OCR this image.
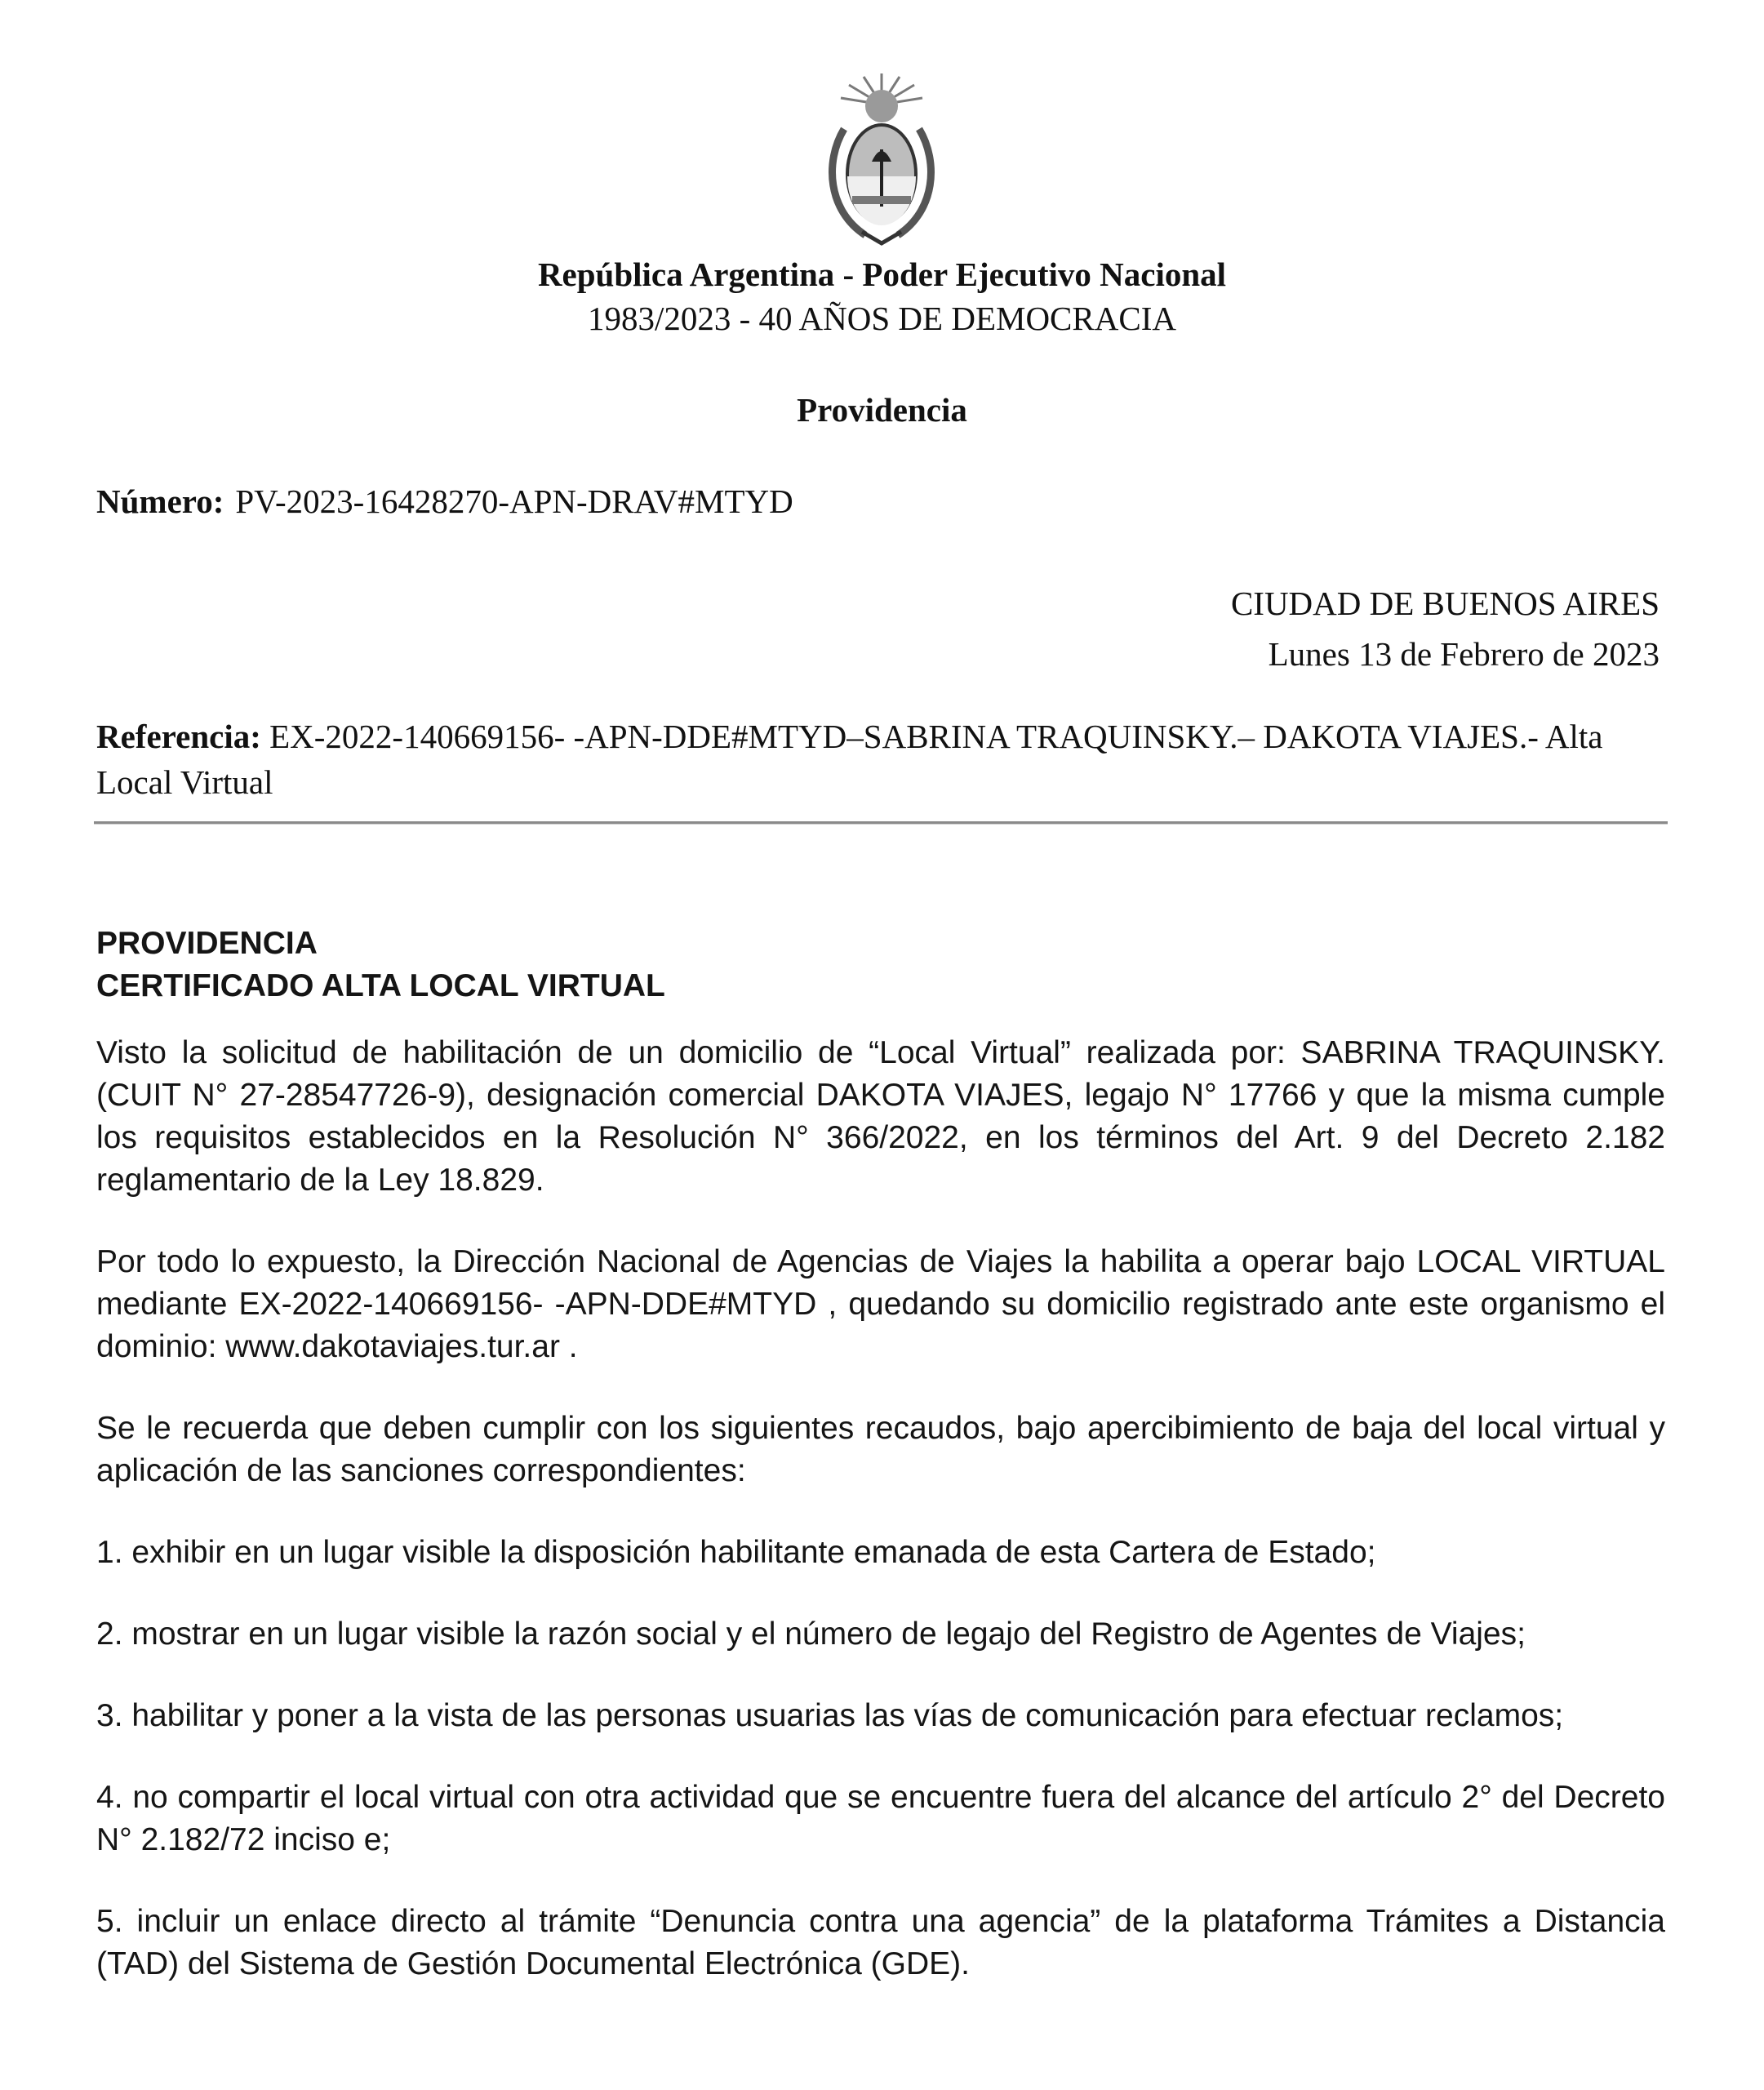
República Argentina - Poder Ejecutivo Nacional
1983/2023 - 40 AÑOS DE DEMOCRACIA
Providencia
Número: PV-2023-16428270-APN-DRAV#MTYD
CIUDAD DE BUENOS AIRES
Lunes 13 de Febrero de 2023
Referencia: EX-2022-140669156- -APN-DDE#MTYD–SABRINA TRAQUINSKY.– DAKOTA VIAJES.- Alta Local Virtual
PROVIDENCIA
CERTIFICADO ALTA LOCAL VIRTUAL

Visto la solicitud de habilitación de un domicilio de “Local Virtual” realizada por: SABRINA TRAQUINSKY. (CUIT N° 27-28547726-9), designación comercial DAKOTA VIAJES, legajo N° 17766 y que la misma cumple los requisitos establecidos en la Resolución N° 366/2022, en los términos del Art. 9 del Decreto 2.182 reglamentario de la Ley 18.829.

Por todo lo expuesto, la Dirección Nacional de Agencias de Viajes la habilita a operar bajo LOCAL VIRTUAL mediante EX-2022-140669156- -APN-DDE#MTYD , quedando su domicilio registrado ante este organismo el dominio: www.dakotaviajes.tur.ar .

Se le recuerda que deben cumplir con los siguientes recaudos, bajo apercibimiento de baja del local virtual y aplicación de las sanciones correspondientes:

1. exhibir en un lugar visible la disposición habilitante emanada de esta Cartera de Estado;

2. mostrar en un lugar visible la razón social y el número de legajo del Registro de Agentes de Viajes;

3. habilitar y poner a la vista de las personas usuarias las vías de comunicación para efectuar reclamos;

4. no compartir el local virtual con otra actividad que se encuentre fuera del alcance del artículo 2° del Decreto N° 2.182/72 inciso e;

5. incluir un enlace directo al trámite “Denuncia contra una agencia” de la plataforma Trámites a Distancia (TAD) del Sistema de Gestión Documental Electrónica (GDE).
